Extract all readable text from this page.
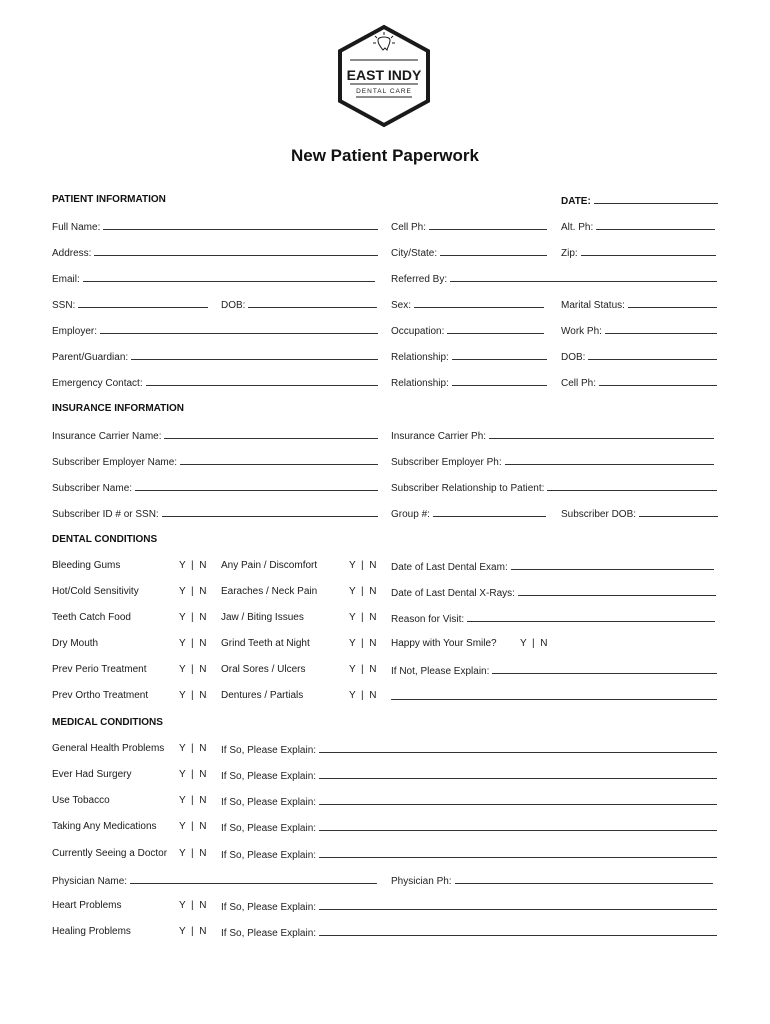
EAST INDY
DENTAL CARE
New Patient Paperwork
PATIENT INFORMATION	DATE:
Full Name:	Cell Ph:	Alt. Ph:
Address:	City/State:	Zip:
Email:	Referred By:
SSN:	DOB:	Sex:	Marital Status:
Employer:	Occupation:	Work Ph:
Parent/Guardian:	Relationship:	DOB:
Emergency Contact:	Relationship:	Cell Ph:
INSURANCE INFORMATION
Insurance Carrier Name:	Insurance Carrier Ph:
Subscriber Employer Name:	Subscriber Employer Ph:
Subscriber Name:	Subscriber Relationship to Patient:
Subscriber ID # or SSN:	Group #:	Subscriber DOB:
DENTAL CONDITIONS
Bleeding Gums	Y  |  N Any Pain / Discomfort	Y  |  N Date of Last Dental Exam:
Hot/Cold Sensitivity	Y  |  N Earaches / Neck Pain	Y  |  N Date of Last Dental X-Rays:
Teeth Catch Food	Y  |  N Jaw / Biting Issues	Y  |  N Reason for Visit:
Dry Mouth	Y  |  N Grind Teeth at Night	Y  |  N Happy with Your Smile? Y  |  N
Prev Perio Treatment	Y  |  N Oral Sores / Ulcers	Y  |  N If Not, Please Explain:
Prev Ortho Treatment	Y  |  N Dentures / Partials	Y  |  N
MEDICAL CONDITIONS
General Health Problems Y  |  N If So, Please Explain:
Ever Had Surgery	Y  |  N If So, Please Explain:
Use Tobacco	Y  |  N If So, Please Explain:
Taking Any Medications Y  |  N If So, Please Explain:
Currently Seeing a Doctor Y  |  N If So, Please Explain:
Physician Name:	Physician Ph:
Heart Problems	Y  |  N If So, Please Explain:
Healing Problems	Y  |  N If So, Please Explain:
